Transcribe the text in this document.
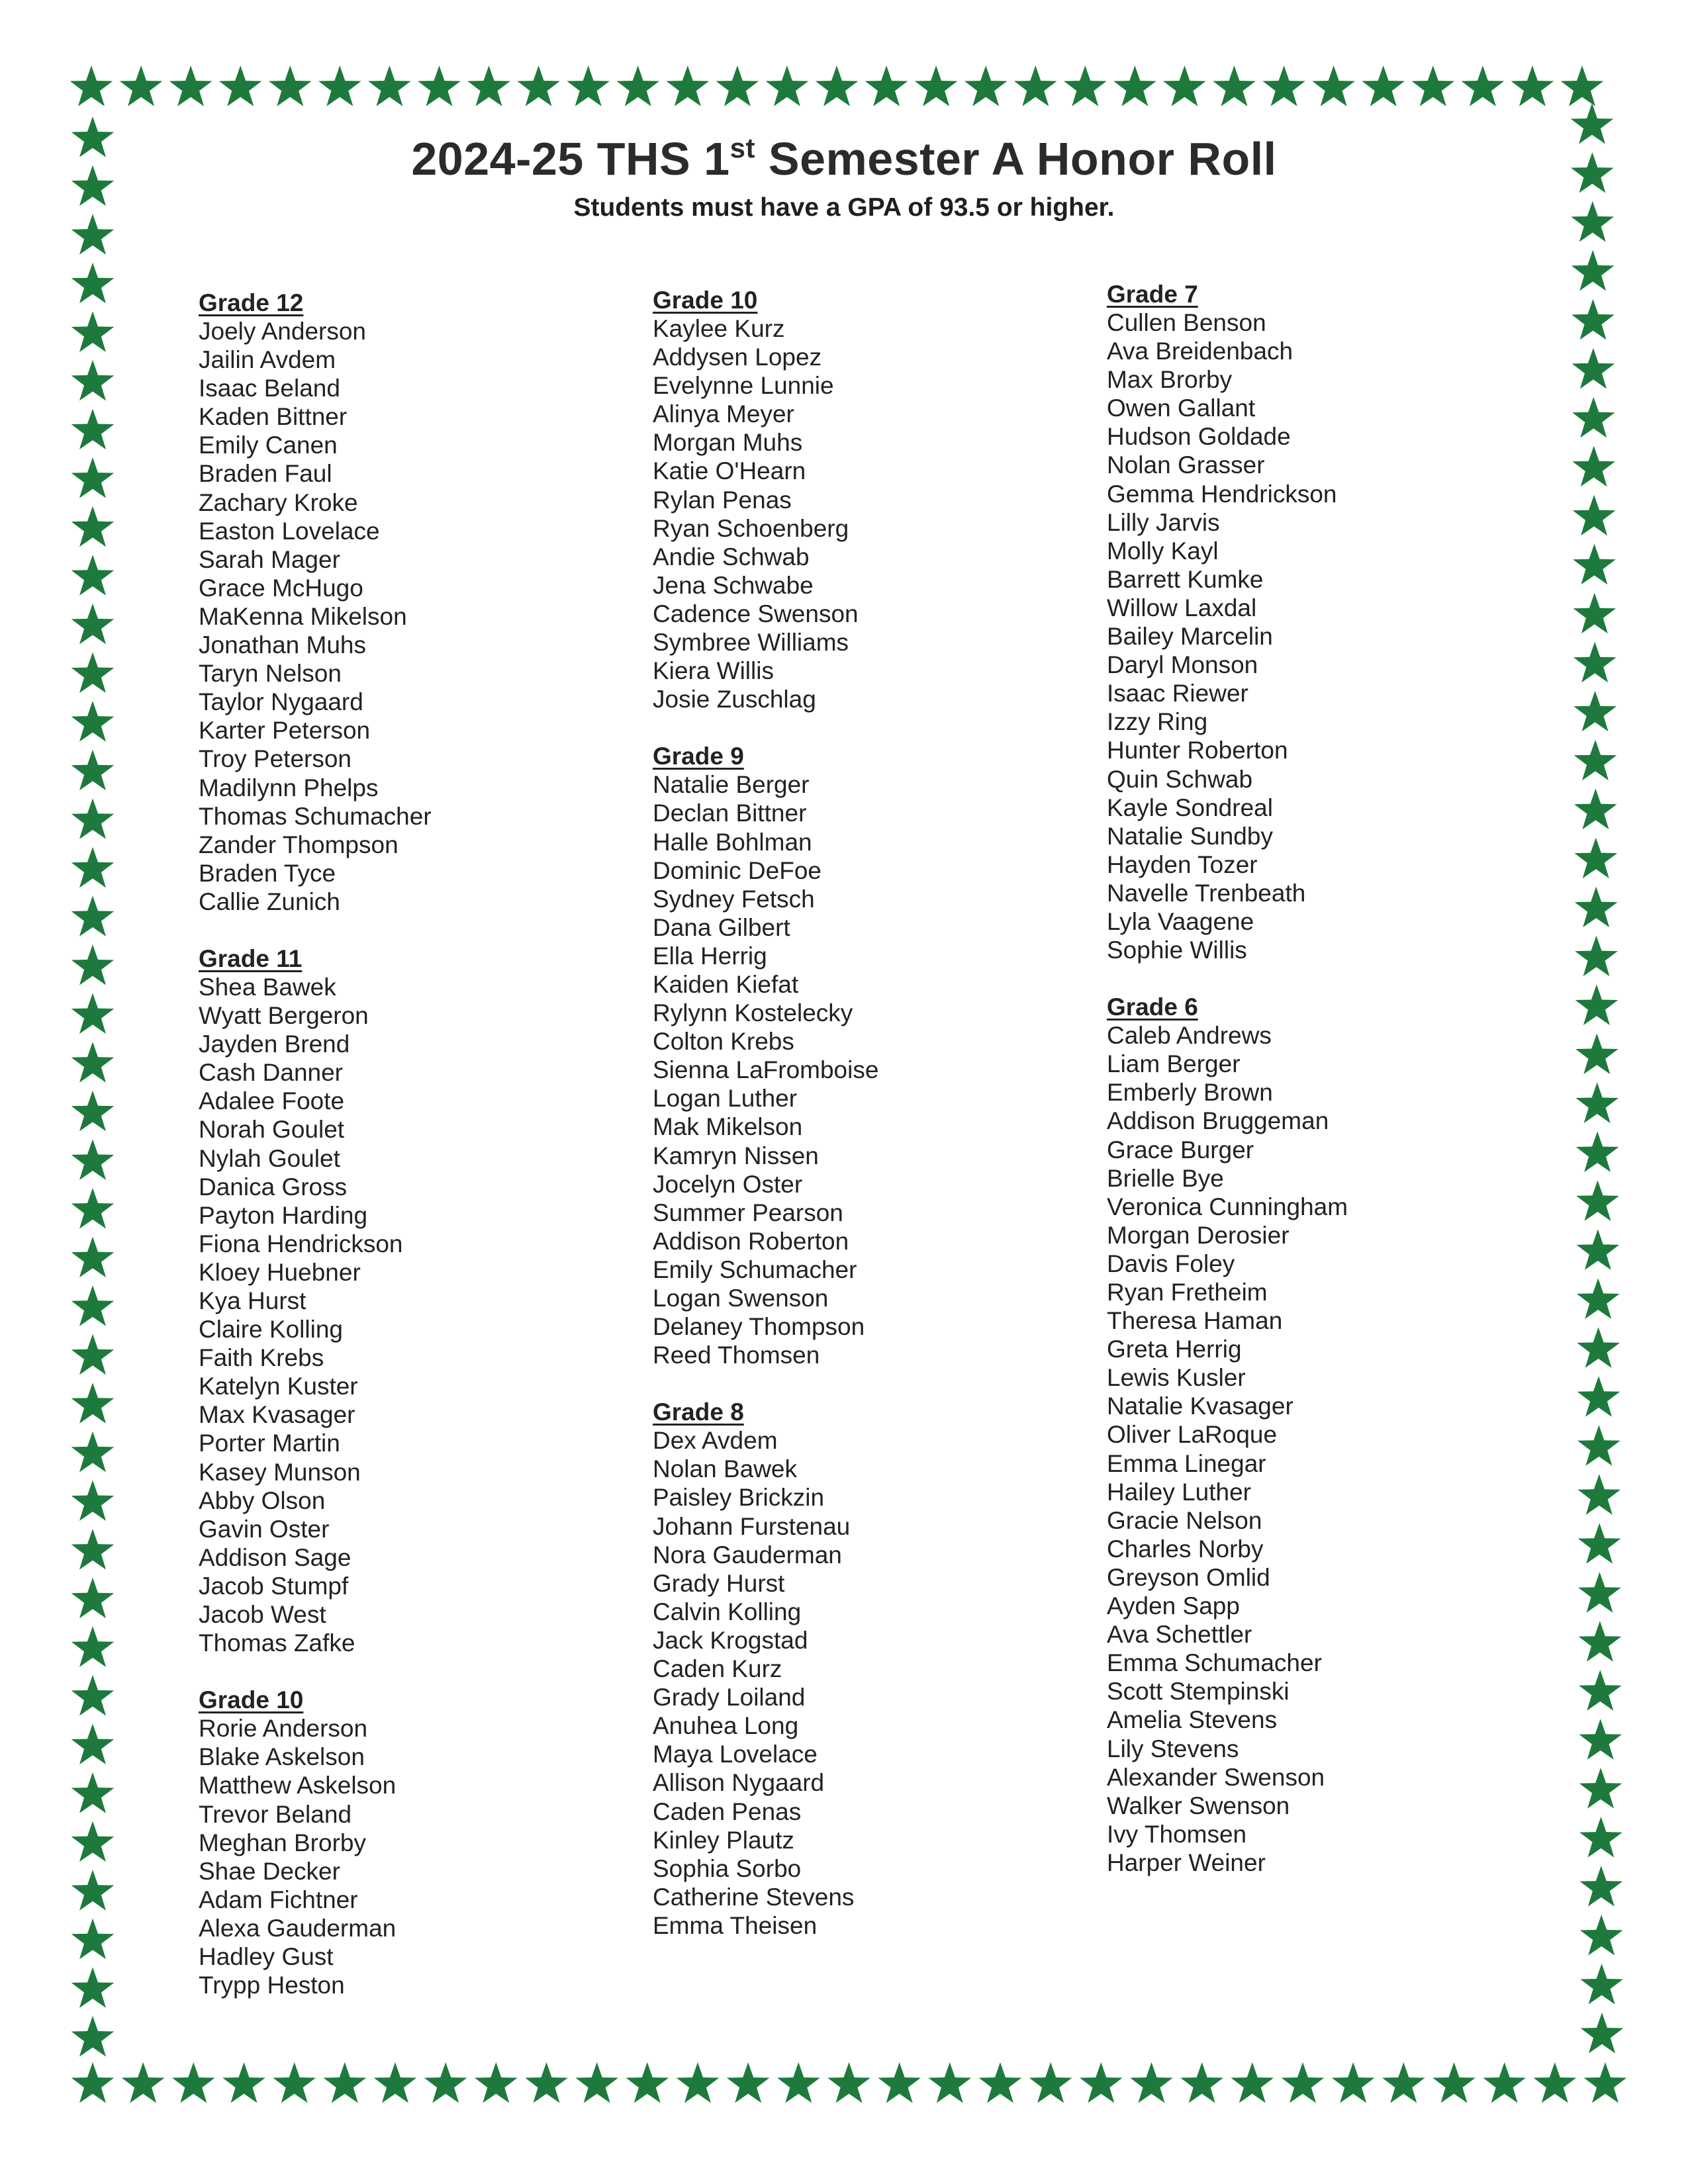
2024-25 THS 1st Semester A Honor Roll

Students must have a GPA of 93.5 or higher.

Grade 12
Joely Anderson
Jailin Avdem
Isaac Beland
Kaden Bittner
Emily Canen
Braden Faul
Zachary Kroke
Easton Lovelace
Sarah Mager
Grace McHugo
MaKenna Mikelson
Jonathan Muhs
Taryn Nelson
Taylor Nygaard
Karter Peterson
Troy Peterson
Madilynn Phelps
Thomas Schumacher
Zander Thompson
Braden Tyce
Callie Zunich
Grade 11
Shea Bawek
Wyatt Bergeron
Jayden Brend
Cash Danner
Adalee Foote
Norah Goulet
Nylah Goulet
Danica Gross
Payton Harding
Fiona Hendrickson
Kloey Huebner
Kya Hurst
Claire Kolling
Faith Krebs
Katelyn Kuster
Max Kvasager
Porter Martin
Kasey Munson
Abby Olson
Gavin Oster
Addison Sage
Jacob Stumpf
Jacob West
Thomas Zafke
Grade 10
Rorie Anderson
Blake Askelson
Matthew Askelson
Trevor Beland
Meghan Brorby
Shae Decker
Adam Fichtner
Alexa Gauderman
Hadley Gust
Trypp Heston
Grade 10
Kaylee Kurz
Addysen Lopez
Evelynne Lunnie
Alinya Meyer
Morgan Muhs
Katie O'Hearn
Rylan Penas
Ryan Schoenberg
Andie Schwab
Jena Schwabe
Cadence Swenson
Symbree Williams
Kiera Willis
Josie Zuschlag
Grade 9
Natalie Berger
Declan Bittner
Halle Bohlman
Dominic DeFoe
Sydney Fetsch
Dana Gilbert
Ella Herrig
Kaiden Kiefat
Rylynn Kostelecky
Colton Krebs
Sienna LaFromboise
Logan Luther
Mak Mikelson
Kamryn Nissen
Jocelyn Oster
Summer Pearson
Addison Roberton
Emily Schumacher
Logan Swenson
Delaney Thompson
Reed Thomsen
Grade 8
Dex Avdem
Nolan Bawek
Paisley Brickzin
Johann Furstenau
Nora Gauderman
Grady Hurst
Calvin Kolling
Jack Krogstad
Caden Kurz
Grady Loiland
Anuhea Long
Maya Lovelace
Allison Nygaard
Caden Penas
Kinley Plautz
Sophia Sorbo
Catherine Stevens
Emma Theisen
Grade 7
Cullen Benson
Ava Breidenbach
Max Brorby
Owen Gallant
Hudson Goldade
Nolan Grasser
Gemma Hendrickson
Lilly Jarvis
Molly Kayl
Barrett Kumke
Willow Laxdal
Bailey Marcelin
Daryl Monson
Isaac Riewer
Izzy Ring
Hunter Roberton
Quin Schwab
Kayle Sondreal
Natalie Sundby
Hayden Tozer
Navelle Trenbeath
Lyla Vaagene
Sophie Willis
Grade 6
Caleb Andrews
Liam Berger
Emberly Brown
Addison Bruggeman
Grace Burger
Brielle Bye
Veronica Cunningham
Morgan Derosier
Davis Foley
Ryan Fretheim
Theresa Haman
Greta Herrig
Lewis Kusler
Natalie Kvasager
Oliver LaRoque
Emma Linegar
Hailey Luther
Gracie Nelson
Charles Norby
Greyson Omlid
Ayden Sapp
Ava Schettler
Emma Schumacher
Scott Stempinski
Amelia Stevens
Lily Stevens
Alexander Swenson
Walker Swenson
Ivy Thomsen
Harper Weiner
